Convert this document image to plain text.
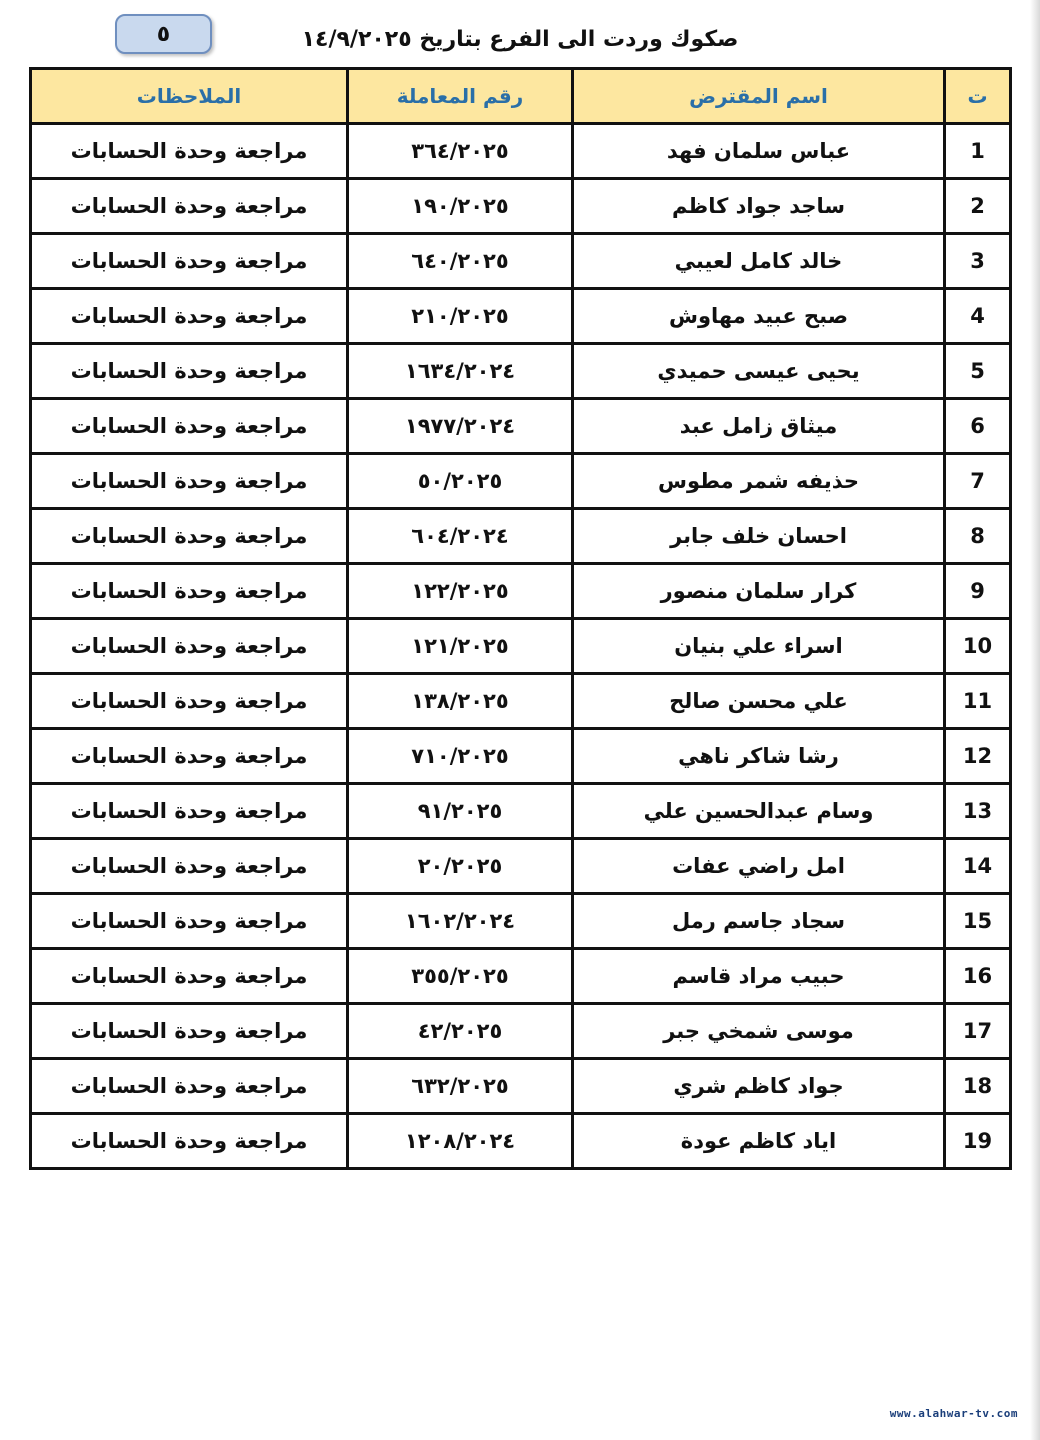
٥	صكوك وردت الى الفرع بتاريخ ١٤/٩/٢٠٢٥
ت	اسم المقترض	رقم المعاملة	الملاحظات
1	عباس سلمان فهد	٣٦٤/٢٠٢٥	مراجعة وحدة الحسابات
2	ساجد جواد كاظم	١٩٠/٢٠٢٥	مراجعة وحدة الحسابات
3	خالد كامل لعيبي	٦٤٠/٢٠٢٥	مراجعة وحدة الحسابات
4	صبح عبيد مهاوش	٢١٠/٢٠٢٥	مراجعة وحدة الحسابات
5	يحيى عيسى حميدي	١٦٣٤/٢٠٢٤	مراجعة وحدة الحسابات
6	ميثاق زامل عبد	١٩٧٧/٢٠٢٤	مراجعة وحدة الحسابات
7	حذيفه شمر مطوس	٥٠/٢٠٢٥	مراجعة وحدة الحسابات
8	احسان خلف جابر	٦٠٤/٢٠٢٤	مراجعة وحدة الحسابات
9	كرار سلمان منصور	١٢٢/٢٠٢٥	مراجعة وحدة الحسابات
10	اسراء علي بنيان	١٢١/٢٠٢٥	مراجعة وحدة الحسابات
11	علي محسن صالح	١٣٨/٢٠٢٥	مراجعة وحدة الحسابات
12	رشا شاكر ناهي	٧١٠/٢٠٢٥	مراجعة وحدة الحسابات
13	وسام عبدالحسين علي	٩١/٢٠٢٥	مراجعة وحدة الحسابات
14	امل راضي عفات	٢٠/٢٠٢٥	مراجعة وحدة الحسابات
15	سجاد جاسم رمل	١٦٠٢/٢٠٢٤	مراجعة وحدة الحسابات
16	حبيب مراد قاسم	٣٥٥/٢٠٢٥	مراجعة وحدة الحسابات
17	موسى شمخي جبر	٤٢/٢٠٢٥	مراجعة وحدة الحسابات
18	جواد كاظم شري	٦٣٢/٢٠٢٥	مراجعة وحدة الحسابات
19	اياد كاظم عودة	١٢٠٨/٢٠٢٤	مراجعة وحدة الحسابات
www.alahwar-tv.com
